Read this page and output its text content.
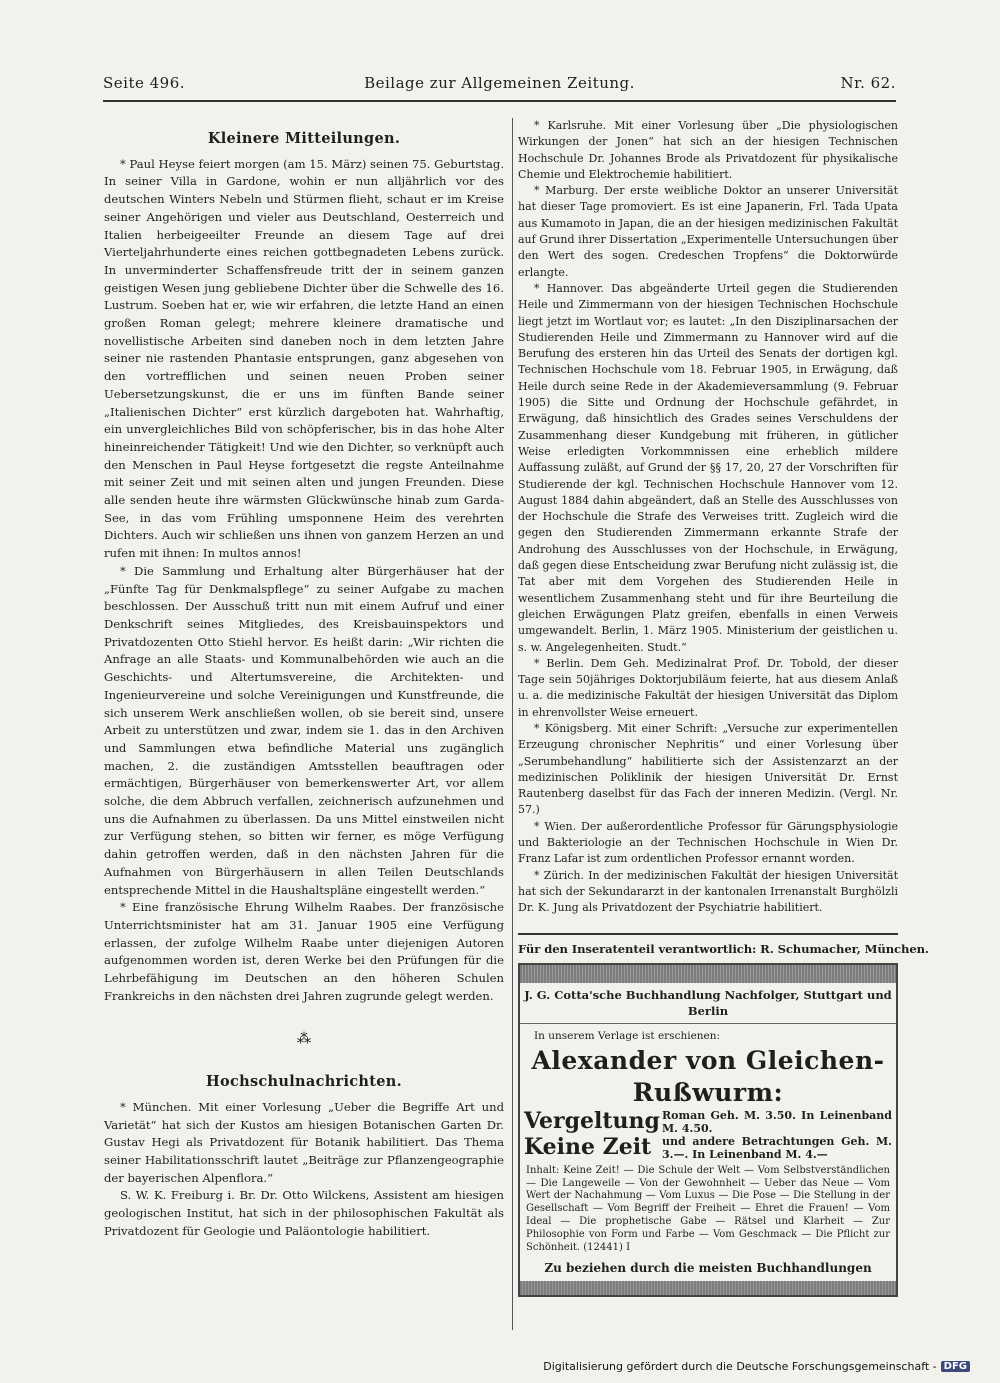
Seite 496.	Beilage zur Allgemeinen Zeitung.	Nr. 62.
Kleinere Mitteilungen.

* Paul Heyse feiert morgen (am 15. März) seinen 75. Geburtstag. In seiner Villa in Gardone, wohin er nun alljährlich vor des deutschen Winters Nebeln und Stürmen flieht, schaut er im Kreise seiner Angehörigen und vieler aus Deutschland, Oesterreich und Italien herbeigeeilter Freunde an diesem Tage auf drei Vierteljahrhunderte eines reichen gottbegnadeten Lebens zurück. In unverminderter Schaffensfreude tritt der in seinem ganzen geistigen Wesen jung gebliebene Dichter über die Schwelle des 16. Lustrum. Soeben hat er, wie wir erfahren, die letzte Hand an einen großen Roman gelegt; mehrere kleinere dramatische und novellistische Arbeiten sind daneben noch in dem letzten Jahre seiner nie rastenden Phantasie entsprungen, ganz abgesehen von den vortrefflichen und seinen neuen Proben seiner Uebersetzungskunst, die er uns im fünften Bande seiner „Italienischen Dichter“ erst kürzlich dargeboten hat. Wahrhaftig, ein unvergleichliches Bild von schöpferischer, bis in das hohe Alter hineinreichender Tätigkeit! Und wie den Dichter, so verknüpft auch den Menschen in Paul Heyse fortgesetzt die regste Anteilnahme mit seiner Zeit und mit seinen alten und jungen Freunden. Diese alle senden heute ihre wärmsten Glückwünsche hinab zum Garda-See, in das vom Frühling umsponnene Heim des verehrten Dichters. Auch wir schließen uns ihnen von ganzem Herzen an und rufen mit ihnen: In multos annos!

* Die Sammlung und Erhaltung alter Bürgerhäuser hat der „Fünfte Tag für Denkmalspflege“ zu seiner Aufgabe zu machen beschlossen. Der Ausschuß tritt nun mit einem Aufruf und einer Denkschrift seines Mitgliedes, des Kreisbauinspektors und Privatdozenten Otto Stiehl hervor. Es heißt darin: „Wir richten die Anfrage an alle Staats- und Kommunalbehörden wie auch an die Geschichts- und Altertumsvereine, die Architekten- und Ingenieurvereine und solche Vereinigungen und Kunstfreunde, die sich unserem Werk anschließen wollen, ob sie bereit sind, unsere Arbeit zu unterstützen und zwar, indem sie 1. das in den Archiven und Sammlungen etwa befindliche Material uns zugänglich machen, 2. die zuständigen Amtsstellen beauftragen oder ermächtigen, Bürgerhäuser von bemerkenswerter Art, vor allem solche, die dem Abbruch verfallen, zeichnerisch aufzunehmen und uns die Aufnahmen zu überlassen. Da uns Mittel einstweilen nicht zur Verfügung stehen, so bitten wir ferner, es möge Verfügung dahin getroffen werden, daß in den nächsten Jahren für die Aufnahmen von Bürgerhäusern in allen Teilen Deutschlands entsprechende Mittel in die Haushaltspläne eingestellt werden.“

* Eine französische Ehrung Wilhelm Raabes. Der französische Unterrichtsminister hat am 31. Januar 1905 eine Verfügung erlassen, der zufolge Wilhelm Raabe unter diejenigen Autoren aufgenommen worden ist, deren Werke bei den Prüfungen für die Lehrbefähigung im Deutschen an den höheren Schulen Frankreichs in den nächsten drei Jahren zugrunde gelegt werden.

⁂
Hochschulnachrichten.

* München. Mit einer Vorlesung „Ueber die Begriffe Art und Varietät“ hat sich der Kustos am hiesigen Botanischen Garten Dr. Gustav Hegi als Privatdozent für Botanik habilitiert. Das Thema seiner Habilitationsschrift lautet „Beiträge zur Pflanzengeographie der bayerischen Alpenflora.“

S. W. K. Freiburg i. Br. Dr. Otto Wilckens, Assistent am hiesigen geologischen Institut, hat sich in der philosophischen Fakultät als Privatdozent für Geologie und Paläontologie habilitiert.

* Karlsruhe. Mit einer Vorlesung über „Die physiologischen Wirkungen der Jonen“ hat sich an der hiesigen Technischen Hochschule Dr. Johannes Brode als Privatdozent für physikalische Chemie und Elektrochemie habilitiert.

* Marburg. Der erste weibliche Doktor an unserer Universität hat dieser Tage promoviert. Es ist eine Japanerin, Frl. Tada Upata aus Kumamoto in Japan, die an der hiesigen medizinischen Fakultät auf Grund ihrer Dissertation „Experimentelle Untersuchungen über den Wert des sogen. Credeschen Tropfens“ die Doktorwürde erlangte.

* Hannover. Das abgeänderte Urteil gegen die Studierenden Heile und Zimmermann von der hiesigen Technischen Hochschule liegt jetzt im Wortlaut vor; es lautet: „In den Disziplinarsachen der Studierenden Heile und Zimmermann zu Hannover wird auf die Berufung des ersteren hin das Urteil des Senats der dortigen kgl. Technischen Hochschule vom 18. Februar 1905, in Erwägung, daß Heile durch seine Rede in der Akademieversammlung (9. Februar 1905) die Sitte und Ordnung der Hochschule gefährdet, in Erwägung, daß hinsichtlich des Grades seines Verschuldens der Zusammenhang dieser Kundgebung mit früheren, in gütlicher Weise erledigten Vorkommnissen eine erheblich mildere Auffassung zuläßt, auf Grund der §§ 17, 20, 27 der Vorschriften für Studierende der kgl. Technischen Hochschule Hannover vom 12. August 1884 dahin abgeändert, daß an Stelle des Ausschlusses von der Hochschule die Strafe des Verweises tritt. Zugleich wird die gegen den Studierenden Zimmermann erkannte Strafe der Androhung des Ausschlusses von der Hochschule, in Erwägung, daß gegen diese Entscheidung zwar Berufung nicht zulässig ist, die Tat aber mit dem Vorgehen des Studierenden Heile in wesentlichem Zusammenhang steht und für ihre Beurteilung die gleichen Erwägungen Platz greifen, ebenfalls in einen Verweis umgewandelt. Berlin, 1. März 1905. Ministerium der geistlichen u. s. w. Angelegenheiten. Studt.“

* Berlin. Dem Geh. Medizinalrat Prof. Dr. Tobold, der dieser Tage sein 50jähriges Doktorjubiläum feierte, hat aus diesem Anlaß u. a. die medizinische Fakultät der hiesigen Universität das Diplom in ehrenvollster Weise erneuert.

* Königsberg. Mit einer Schrift: „Versuche zur experimentellen Erzeugung chronischer Nephritis“ und einer Vorlesung über „Serumbehandlung“ habilitierte sich der Assistenzarzt an der medizinischen Poliklinik der hiesigen Universität Dr. Ernst Rautenberg daselbst für das Fach der inneren Medizin. (Vergl. Nr. 57.)

* Wien. Der außerordentliche Professor für Gärungsphysiologie und Bakteriologie an der Technischen Hochschule in Wien Dr. Franz Lafar ist zum ordentlichen Professor ernannt worden.

* Zürich. In der medizinischen Fakultät der hiesigen Universität hat sich der Sekundararzt in der kantonalen Irrenanstalt Burghölzli Dr. K. Jung als Privatdozent der Psychiatrie habilitiert.

Für den Inseratenteil verantwortlich: R. Schumacher, München.
J. G. Cotta'sche Buchhandlung Nachfolger, Stuttgart und Berlin
In unserem Verlage ist erschienen:
Alexander von Gleichen-Rußwurm:
Vergeltung Roman Geh. M. 3.50. In Leinenband M. 4.50.
Keine Zeit und andere Betrachtungen Geh. M. 3.—. In Leinenband M. 4.—
Inhalt: Keine Zeit! — Die Schule der Welt — Vom Selbstverständlichen — Die Langeweile — Von der Gewohnheit — Ueber das Neue — Vom Wert der Nachahmung — Vom Luxus — Die Pose — Die Stellung in der Gesellschaft — Vom Begriff der Freiheit — Ehret die Frauen! — Vom Ideal — Die prophetische Gabe — Rätsel und Klarheit — Zur Philosophie von Form und Farbe — Vom Geschmack — Die Pflicht zur Schönheit. (12441) I
Zu beziehen durch die meisten Buchhandlungen
Digitalisierung gefördert durch die Deutsche Forschungsgemeinschaft - DFG
